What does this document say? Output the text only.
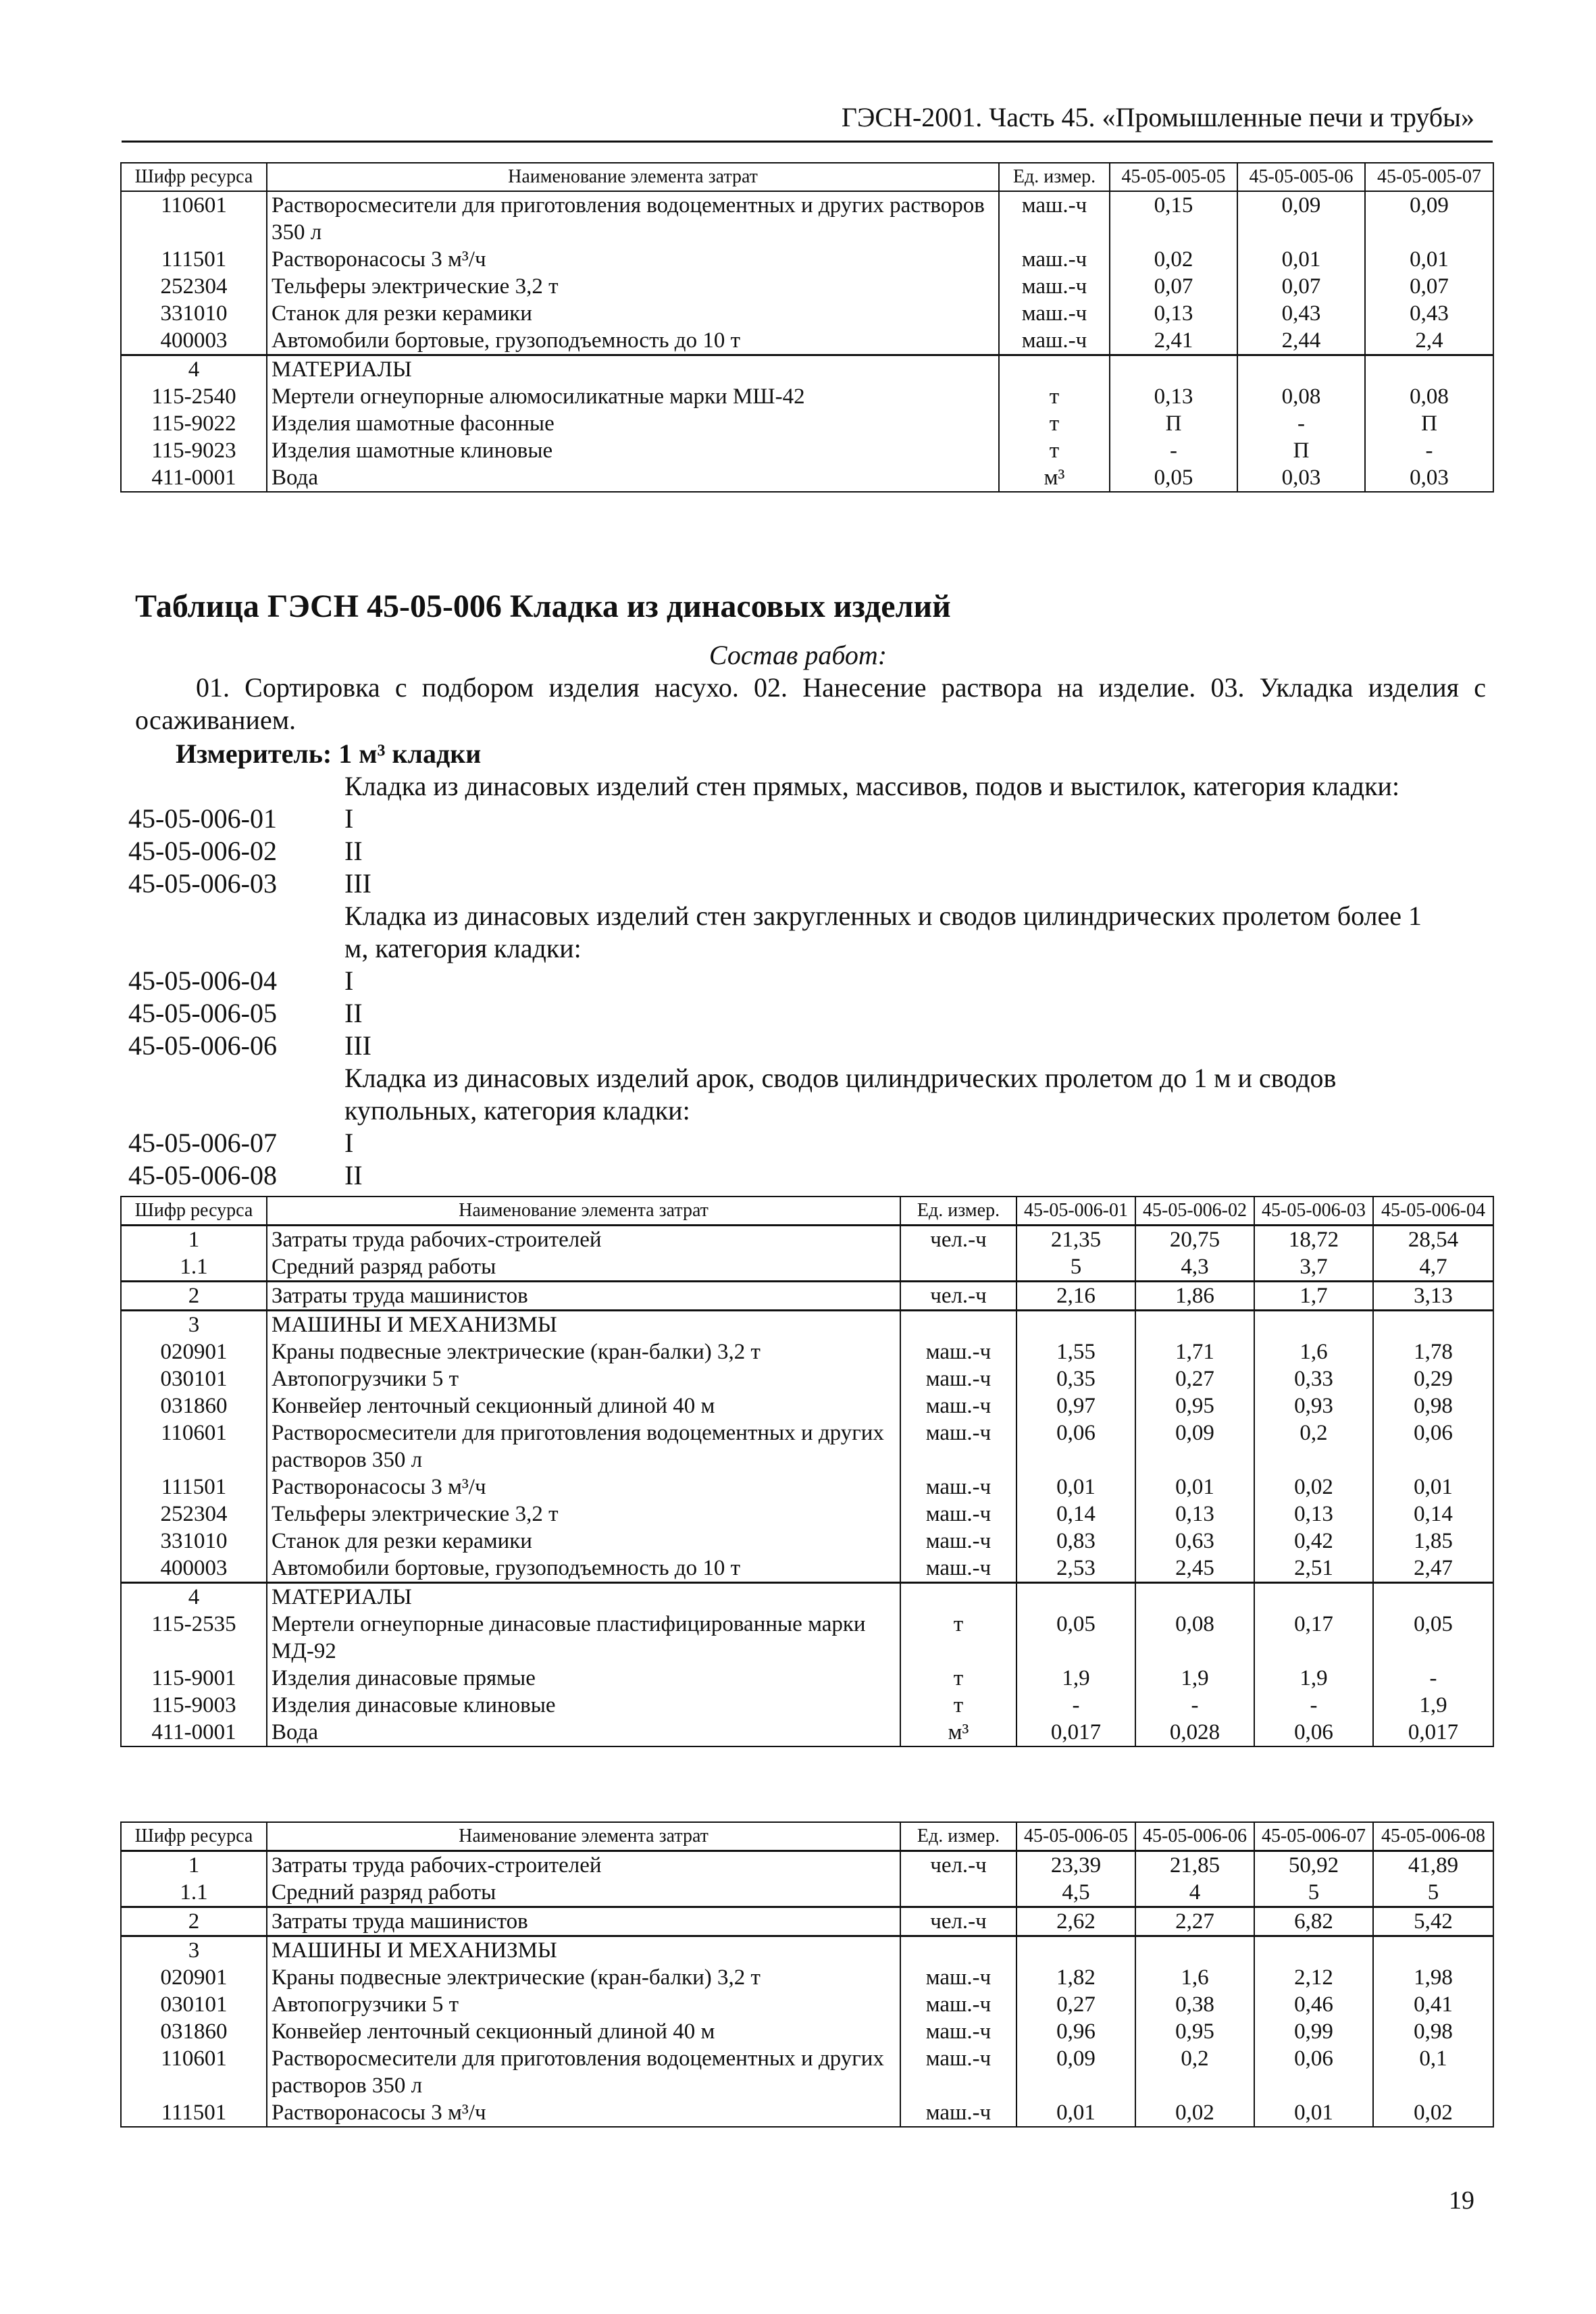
ГЭСН-2001. Часть 45. «Промышленные печи и трубы»
Шифр ресурса	Наименование элемента затрат	Ед. измер.	45-05-005-05	45-05-005-06	45-05-005-07
110601	Растворосмесители для приготовления водоцементных и других растворов 350 л	маш.-ч	0,15	0,09	0,09
111501	Растворонасосы 3 м³/ч	маш.-ч	0,02	0,01	0,01
252304	Тельферы электрические 3,2 т	маш.-ч	0,07	0,07	0,07
331010	Станок для резки керамики	маш.-ч	0,13	0,43	0,43
400003	Автомобили бортовые, грузоподъемность до 10 т	маш.-ч	2,41	2,44	2,4
4	МАТЕРИАЛЫ				
115-2540	Мертели огнеупорные алюмосиликатные марки МШ-42	т	0,13	0,08	0,08
115-9022	Изделия шамотные фасонные	т	П	-	П
115-9023	Изделия шамотные клиновые	т	-	П	-
411-0001	Вода	м³	0,05	0,03	0,03
Таблица ГЭСН 45-05-006 Кладка из динасовых изделий
Состав работ:
01. Сортировка с подбором изделия насухо. 02. Нанесение раствора на изделие. 03. Укладка изделия с осаживанием.
Измеритель: 1 м³ кладки
Кладка из динасовых изделий стен прямых, массивов, подов и выстилок, категория кладки:
45-05-006-01	I
45-05-006-02	II
45-05-006-03	III
Кладка из динасовых изделий стен закругленных и сводов цилиндрических пролетом более 1 м, категория кладки:
45-05-006-04	I
45-05-006-05	II
45-05-006-06	III
Кладка из динасовых изделий арок, сводов цилиндрических пролетом до 1 м и сводов купольных, категория кладки:
45-05-006-07	I
45-05-006-08	II
Шифр ресурса	Наименование элемента затрат	Ед. измер.	45-05-006-01	45-05-006-02	45-05-006-03	45-05-006-04
1	Затраты труда рабочих-строителей	чел.-ч	21,35	20,75	18,72	28,54
1.1	Средний разряд работы		5	4,3	3,7	4,7
2	Затраты труда машинистов	чел.-ч	2,16	1,86	1,7	3,13
3	МАШИНЫ И МЕХАНИЗМЫ					
020901	Краны подвесные электрические (кран-балки) 3,2 т	маш.-ч	1,55	1,71	1,6	1,78
030101	Автопогрузчики 5 т	маш.-ч	0,35	0,27	0,33	0,29
031860	Конвейер ленточный секционный длиной 40 м	маш.-ч	0,97	0,95	0,93	0,98
110601	Растворосмесители для приготовления водоцементных и других растворов 350 л	маш.-ч	0,06	0,09	0,2	0,06
111501	Растворонасосы 3 м³/ч	маш.-ч	0,01	0,01	0,02	0,01
252304	Тельферы электрические 3,2 т	маш.-ч	0,14	0,13	0,13	0,14
331010	Станок для резки керамики	маш.-ч	0,83	0,63	0,42	1,85
400003	Автомобили бортовые, грузоподъемность до 10 т	маш.-ч	2,53	2,45	2,51	2,47
4	МАТЕРИАЛЫ					
115-2535	Мертели огнеупорные динасовые пластифицированные марки МД-92	т	0,05	0,08	0,17	0,05
115-9001	Изделия динасовые прямые	т	1,9	1,9	1,9	-
115-9003	Изделия динасовые клиновые	т	-	-	-	1,9
411-0001	Вода	м³	0,017	0,028	0,06	0,017
Шифр ресурса	Наименование элемента затрат	Ед. измер.	45-05-006-05	45-05-006-06	45-05-006-07	45-05-006-08
1	Затраты труда рабочих-строителей	чел.-ч	23,39	21,85	50,92	41,89
1.1	Средний разряд работы		4,5	4	5	5
2	Затраты труда машинистов	чел.-ч	2,62	2,27	6,82	5,42
3	МАШИНЫ И МЕХАНИЗМЫ					
020901	Краны подвесные электрические (кран-балки) 3,2 т	маш.-ч	1,82	1,6	2,12	1,98
030101	Автопогрузчики 5 т	маш.-ч	0,27	0,38	0,46	0,41
031860	Конвейер ленточный секционный длиной 40 м	маш.-ч	0,96	0,95	0,99	0,98
110601	Растворосмесители для приготовления водоцементных и других растворов 350 л	маш.-ч	0,09	0,2	0,06	0,1
111501	Растворонасосы 3 м³/ч	маш.-ч	0,01	0,02	0,01	0,02
19
